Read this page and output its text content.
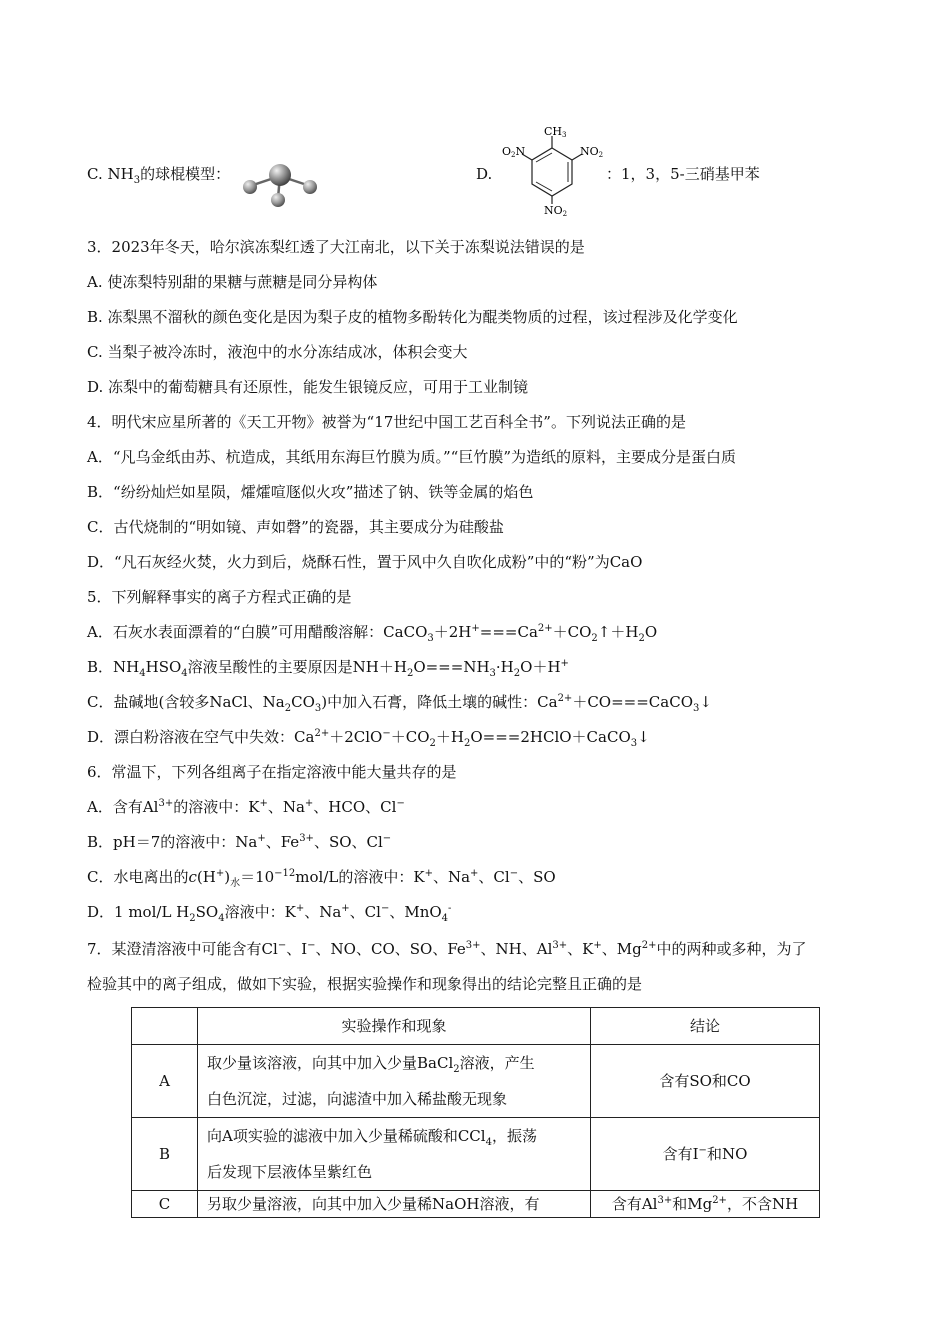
C. $NH_3$的球棍模型：	D.
CH3
NO2
O2N
NO2
：1，3，5-三硝基甲苯
3．2023年冬天，哈尔滨冻梨红透了大江南北，以下关于冻梨说法错误的是
A. 使冻梨特别甜的果糖与蔗糖是同分异构体
B. 冻梨黑不溜秋的颜色变化是因为梨子皮的植物多酚转化为醌类物质的过程，该过程涉及化学变化
C. 当梨子被冷冻时，液泡中的水分冻结成冰，体积会变大
D. 冻梨中的葡萄糖具有还原性，能发生银镜反应，可用于工业制镜
4．明代宋应星所著的《天工开物》被誉为“17世纪中国工艺百科全书”。下列说法正确的是
A．“凡乌金纸由苏、杭造成，其纸用东海巨竹膜为质。”“巨竹膜”为造纸的原料，主要成分是蛋白质
B．“纷纷灿烂如星陨，㸌㸌喧豗似火攻”描述了钠、铁等金属的焰色
C．古代烧制的“明如镜、声如磬”的瓷器，其主要成分为硅酸盐
D．“凡石灰经火焚，火力到后，烧酥石性，置于风中久自吹化成粉”中的“粉”为CaO
5．下列解释事实的离子方程式正确的是
A．石灰水表面漂着的“白膜”可用醋酸溶解：$CaCO_3+2H^+===Ca^{2+}+CO_2↑+H_2O$
B．$NH_4HSO_4$溶液呈酸性的主要原因是$NH+H_2O===NH_3\cdot H_2O+H^+$
C．盐碱地(含较多NaCl、$Na_2CO_3$)中加入石膏，降低土壤的碱性：$Ca^{2+}+CO===CaCO_3↓$
D．漂白粉溶液在空气中失效：$Ca^{2+}+2ClO^-+CO_2+H_2O===2HClO+CaCO_3↓$
6．常温下，下列各组离子在指定溶液中能大量共存的是
A．含有$Al^{3+}$的溶液中：K+、Na+、HCO、Cl−
B．pH＝7的溶液中：Na+、$Fe^{3+}$、SO、Cl−
C．水电离出的$c(H^+)_水=10^{-12}mol/L$的溶液中：K+、Na+、Cl−、SO
D．1 mol/L $H_2SO_4$溶液中：K+、Na+、Cl−、MnO$_4$-
7．某澄清溶液中可能含有Cl−、I−、NO、CO、SO、$Fe^{3+}$、NH、$Al^{3+}$、K+、$Mg^{2+}$中的两种或多种，为了
检验其中的离子组成，做如下实验，根据实验操作和现象得出的结论完整且正确的是
	实验操作和现象	结论
A	取少量该溶液，向其中加入少量BaCl$_2$溶液，产生
白色沉淀，过滤，向滤渣中加入稀盐酸无现象	含有SO和CO
B	向A项实验的滤液中加入少量稀硫酸和CCl$_4$，振荡
后发现下层液体呈紫红色	含有I−和NO
C	另取少量溶液，向其中加入少量稀NaOH溶液，有	含有$Al^{3+}$和$Mg^{2+}$，不含NH
